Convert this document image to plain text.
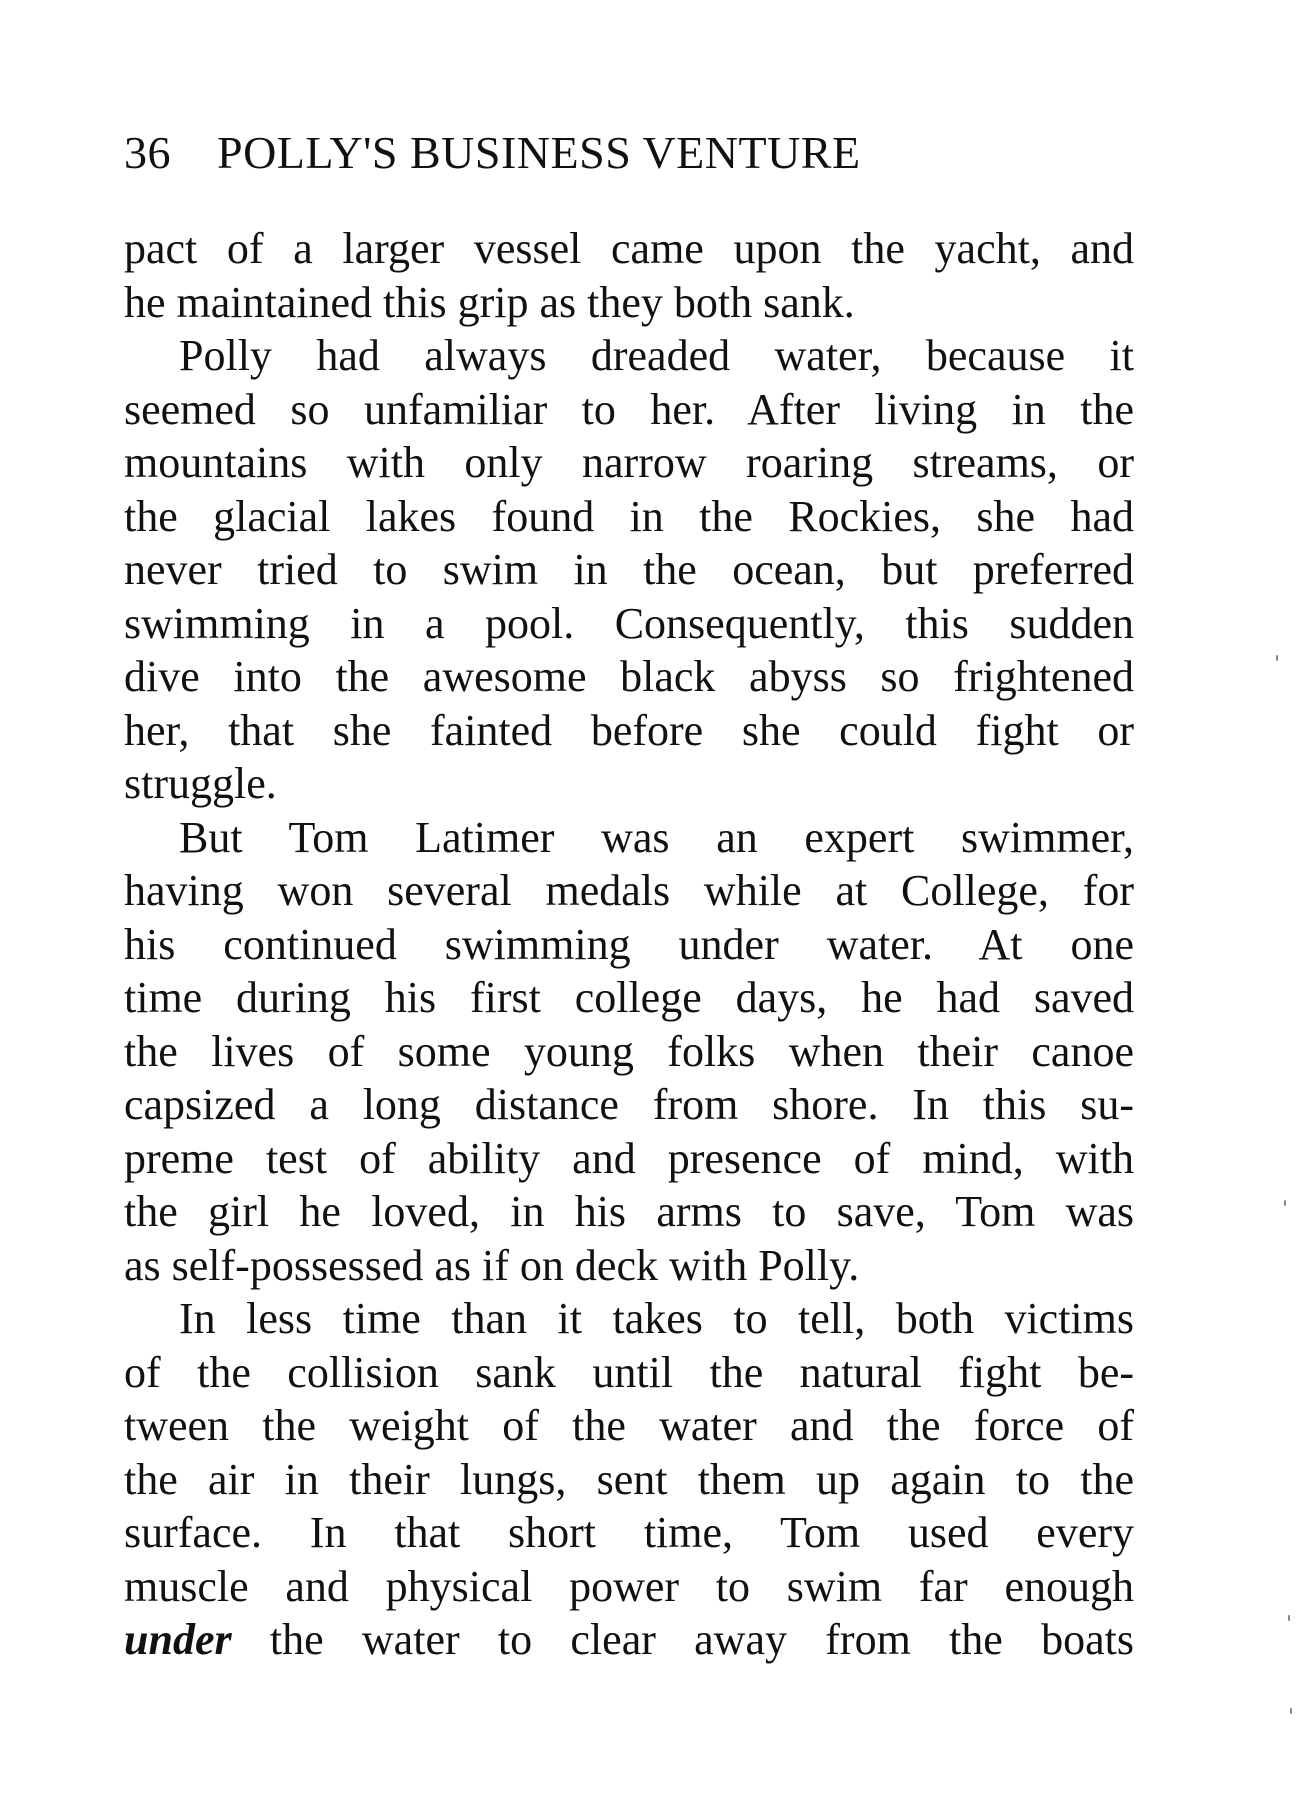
36 POLLY'S BUSINESS VENTURE

pact of a larger vessel came upon the yacht, and

he maintained this grip as they both sank.

Polly had always dreaded water, because it

seemed so unfamiliar to her. After living in the

mountains with only narrow roaring streams, or

the glacial lakes found in the Rockies, she had

never tried to swim in the ocean, but preferred

swimming in a pool. Consequently, this sudden

dive into the awesome black abyss so frightened

her, that she fainted before she could fight or

struggle.

But Tom Latimer was an expert swimmer,

having won several medals while at College, for

his continued swimming under water. At one

time during his first college days, he had saved

the lives of some young folks when their canoe

capsized a long distance from shore. In this su-

preme test of ability and presence of mind, with

the girl he loved, in his arms to save, Tom was

as self-possessed as if on deck with Polly.

In less time than it takes to tell, both victims

of the collision sank until the natural fight be-

tween the weight of the water and the force of

the air in their lungs, sent them up again to the

surface. In that short time, Tom used every

muscle and physical power to swim far enough

under the water to clear away from the boats
